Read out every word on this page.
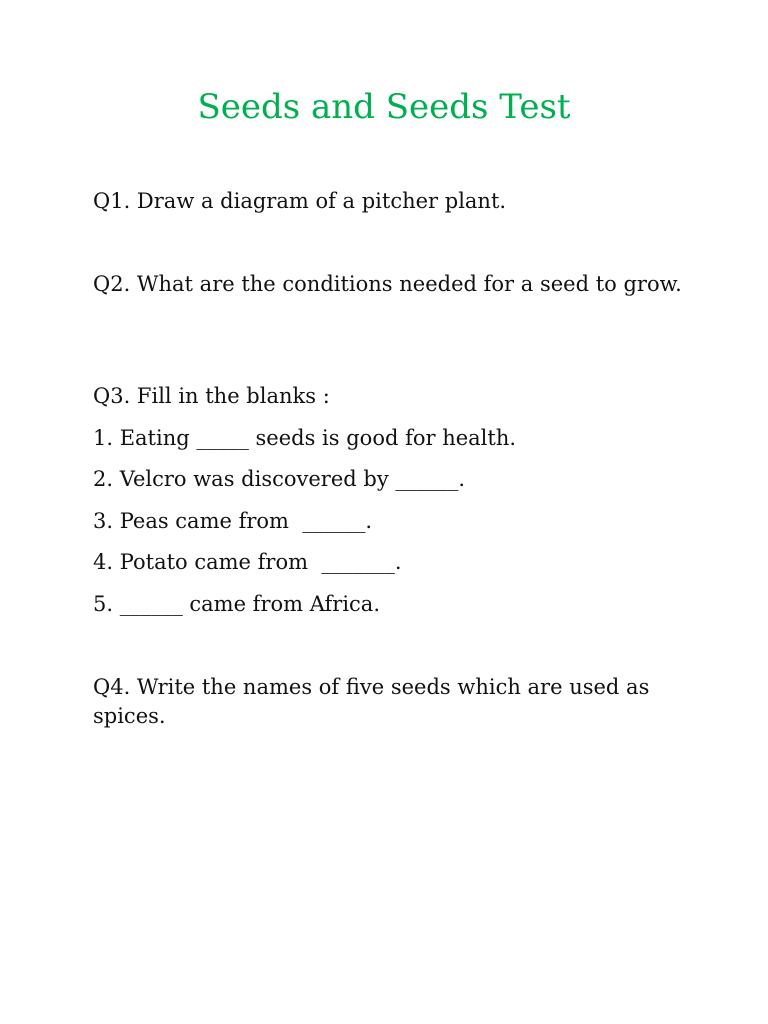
Seeds and Seeds Test

Q1. Draw a diagram of a pitcher plant.

Q2. What are the conditions needed for a seed to grow.

Q3. Fill in the blanks :

1. Eating _____ seeds is good for health.

2. Velcro was discovered by ______.

3. Peas came from  ______.

4. Potato came from  _______.

5. ______ came from Africa.

Q4. Write the names of five seeds which are used as spices.
